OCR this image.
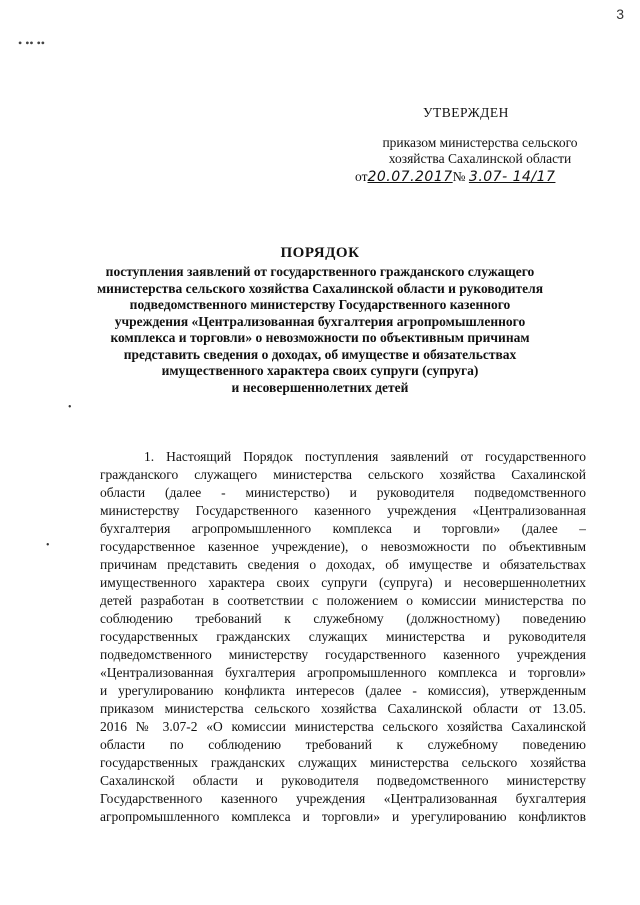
3
• •• ••
•
•
УТВЕРЖДЕН
приказом министерства сельского
хозяйства Сахалинской области
от20.07.2017№ 3.07- 14/17
ПОРЯДОК
поступления заявлений от государственного гражданского служащего
министерства сельского хозяйства Сахалинской области и руководителя
подведомственного министерству Государственного казенного
учреждения «Централизованная бухгалтерия агропромышленного
комплекса и торговли» о невозможности по объективным причинам
представить сведения о доходах, об имуществе и обязательствах
имущественного характера своих супруги (супруга)
и несовершеннолетних детей
1. Настоящий Порядок поступления заявлений от государственного
гражданского служащего министерства сельского хозяйства Сахалинской
области (далее - министерство) и руководителя подведомственного
министерству Государственного казенного учреждения «Централизованная
бухгалтерия агропромышленного комплекса и торговли» (далее –
государственное казенное учреждение), о невозможности по объективным
причинам представить сведения о доходах, об имуществе и обязательствах
имущественного характера своих супруги (супруга) и несовершеннолетних
детей разработан в соответствии с положением о комиссии министерства по
соблюдению требований к служебному (должностному) поведению
государственных гражданских служащих министерства и руководителя
подведомственного министерству государственного казенного учреждения
«Централизованная бухгалтерия агропромышленного комплекса и торговли»
и урегулированию конфликта интересов (далее - комиссия), утвержденным
приказом министерства сельского хозяйства Сахалинской области от 13.05.
2016 № 3.07-2 «О комиссии министерства сельского хозяйства Сахалинской
области по соблюдению требований к служебному поведению
государственных гражданских служащих министерства сельского хозяйства
Сахалинской области и руководителя подведомственного министерству
Государственного казенного учреждения «Централизованная бухгалтерия
агропромышленного комплекса и торговли» и урегулированию конфликтов
